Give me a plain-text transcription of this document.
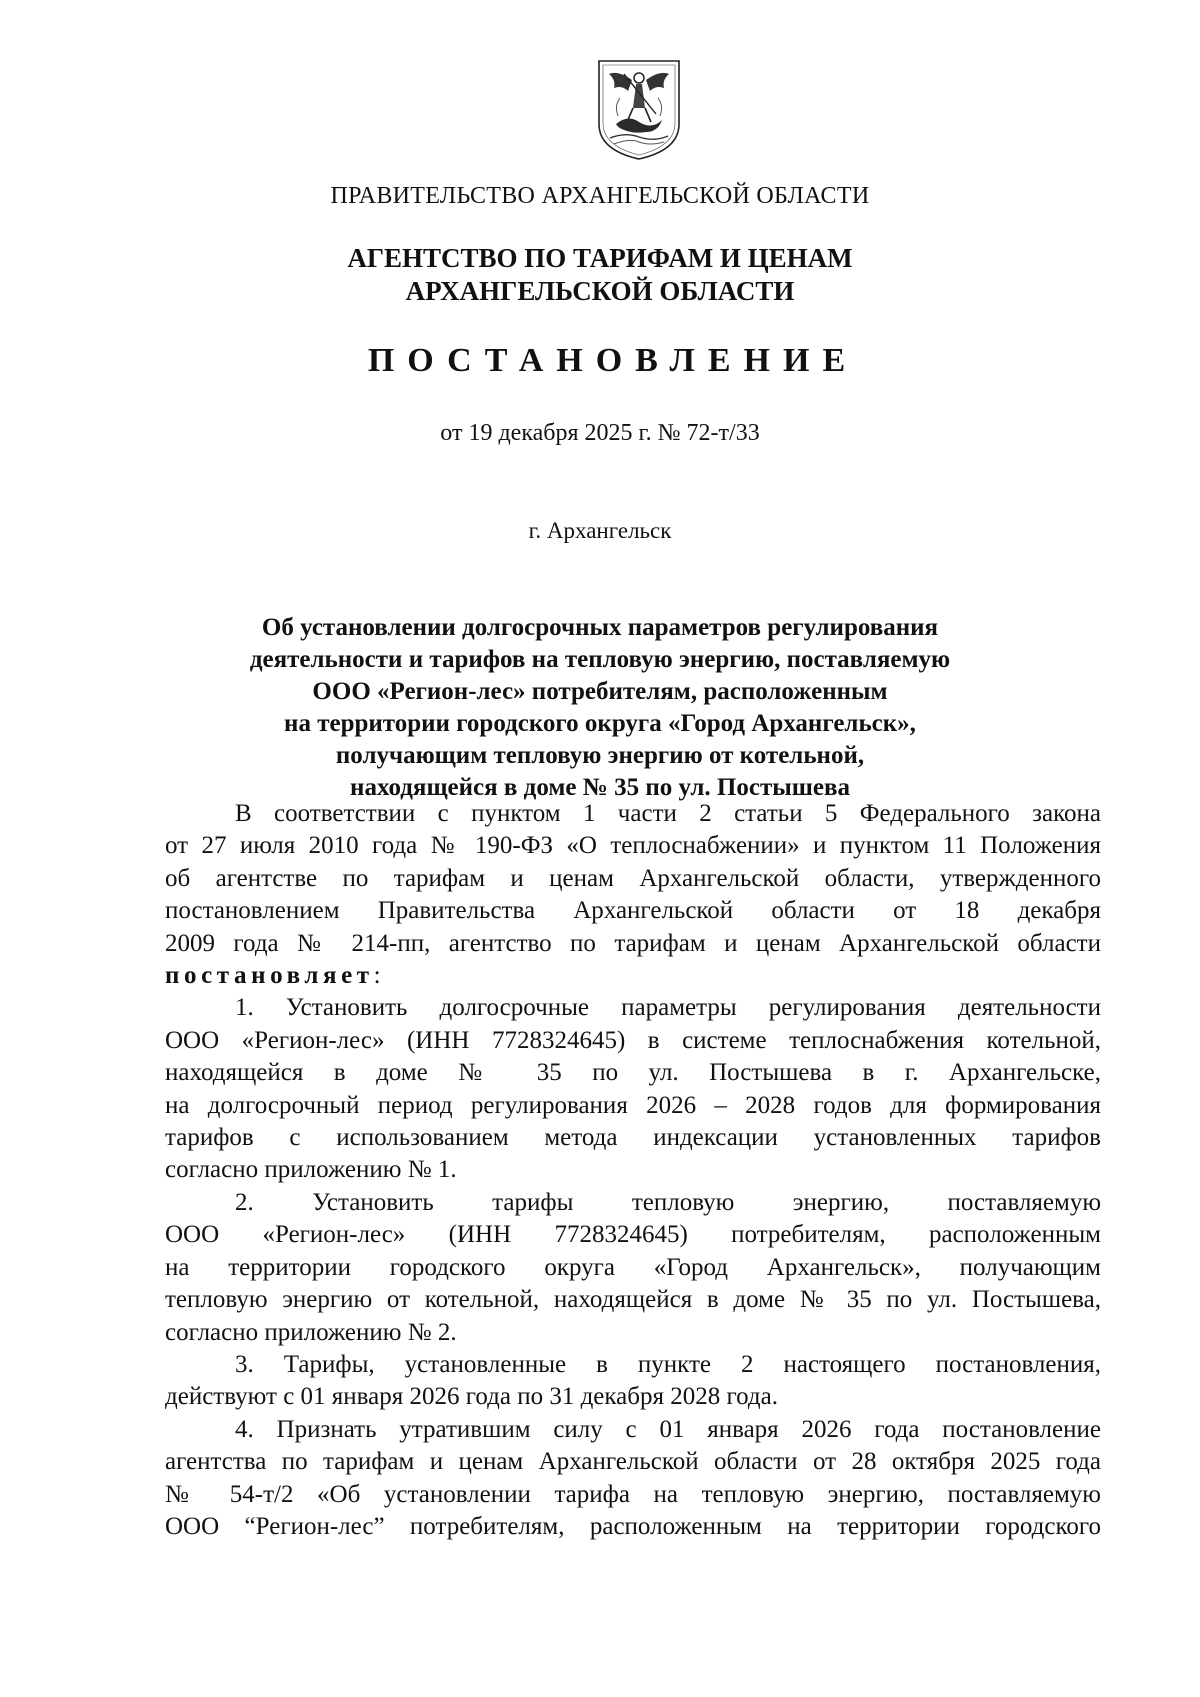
ПРАВИТЕЛЬСТВО АРХАНГЕЛЬСКОЙ ОБЛАСТИ
АГЕНТСТВО ПО ТАРИФАМ И ЦЕНАМ
АРХАНГЕЛЬСКОЙ ОБЛАСТИ
ПОСТАНОВЛЕНИЕ
от 19 декабря 2025 г. № 72-т/33
г. Архангельск
Об установлении долгосрочных параметров регулирования
деятельности и тарифов на тепловую энергию, поставляемую
ООО «Регион-лес» потребителям, расположенным
на территории городского округа «Город Архангельск»,
получающим тепловую энергию от котельной,
находящейся в доме № 35 по ул. Постышева

В соответствии с пунктом 1 части 2 статьи 5 Федерального закона

от 27 июля 2010 года № 190-ФЗ «О теплоснабжении» и пунктом 11 Положения

об агентстве по тарифам и ценам Архангельской области, утвержденного

постановлением Правительства Архангельской области от 18 декабря

2009 года № 214-пп, агентство по тарифам и ценам Архангельской области

постановляет:

1. Установить долгосрочные параметры регулирования деятельности

ООО «Регион-лес» (ИНН 7728324645) в системе теплоснабжения котельной,

находящейся в доме № 35 по ул. Постышева в г. Архангельске,

на долгосрочный период регулирования 2026 – 2028 годов для формирования

тарифов с использованием метода индексации установленных тарифов

согласно приложению № 1.

2. Установить тарифы тепловую энергию, поставляемую

ООО «Регион-лес» (ИНН 7728324645) потребителям, расположенным

на территории городского округа «Город Архангельск», получающим

тепловую энергию от котельной, находящейся в доме № 35 по ул. Постышева,

согласно приложению № 2.

3. Тарифы, установленные в пункте 2 настоящего постановления,

действуют с 01 января 2026 года по 31 декабря 2028 года.

4. Признать утратившим силу с 01 января 2026 года постановление

агентства по тарифам и ценам Архангельской области от 28 октября 2025 года

№ 54-т/2 «Об установлении тарифа на тепловую энергию, поставляемую

ООО “Регион-лес” потребителям, расположенным на территории городского
